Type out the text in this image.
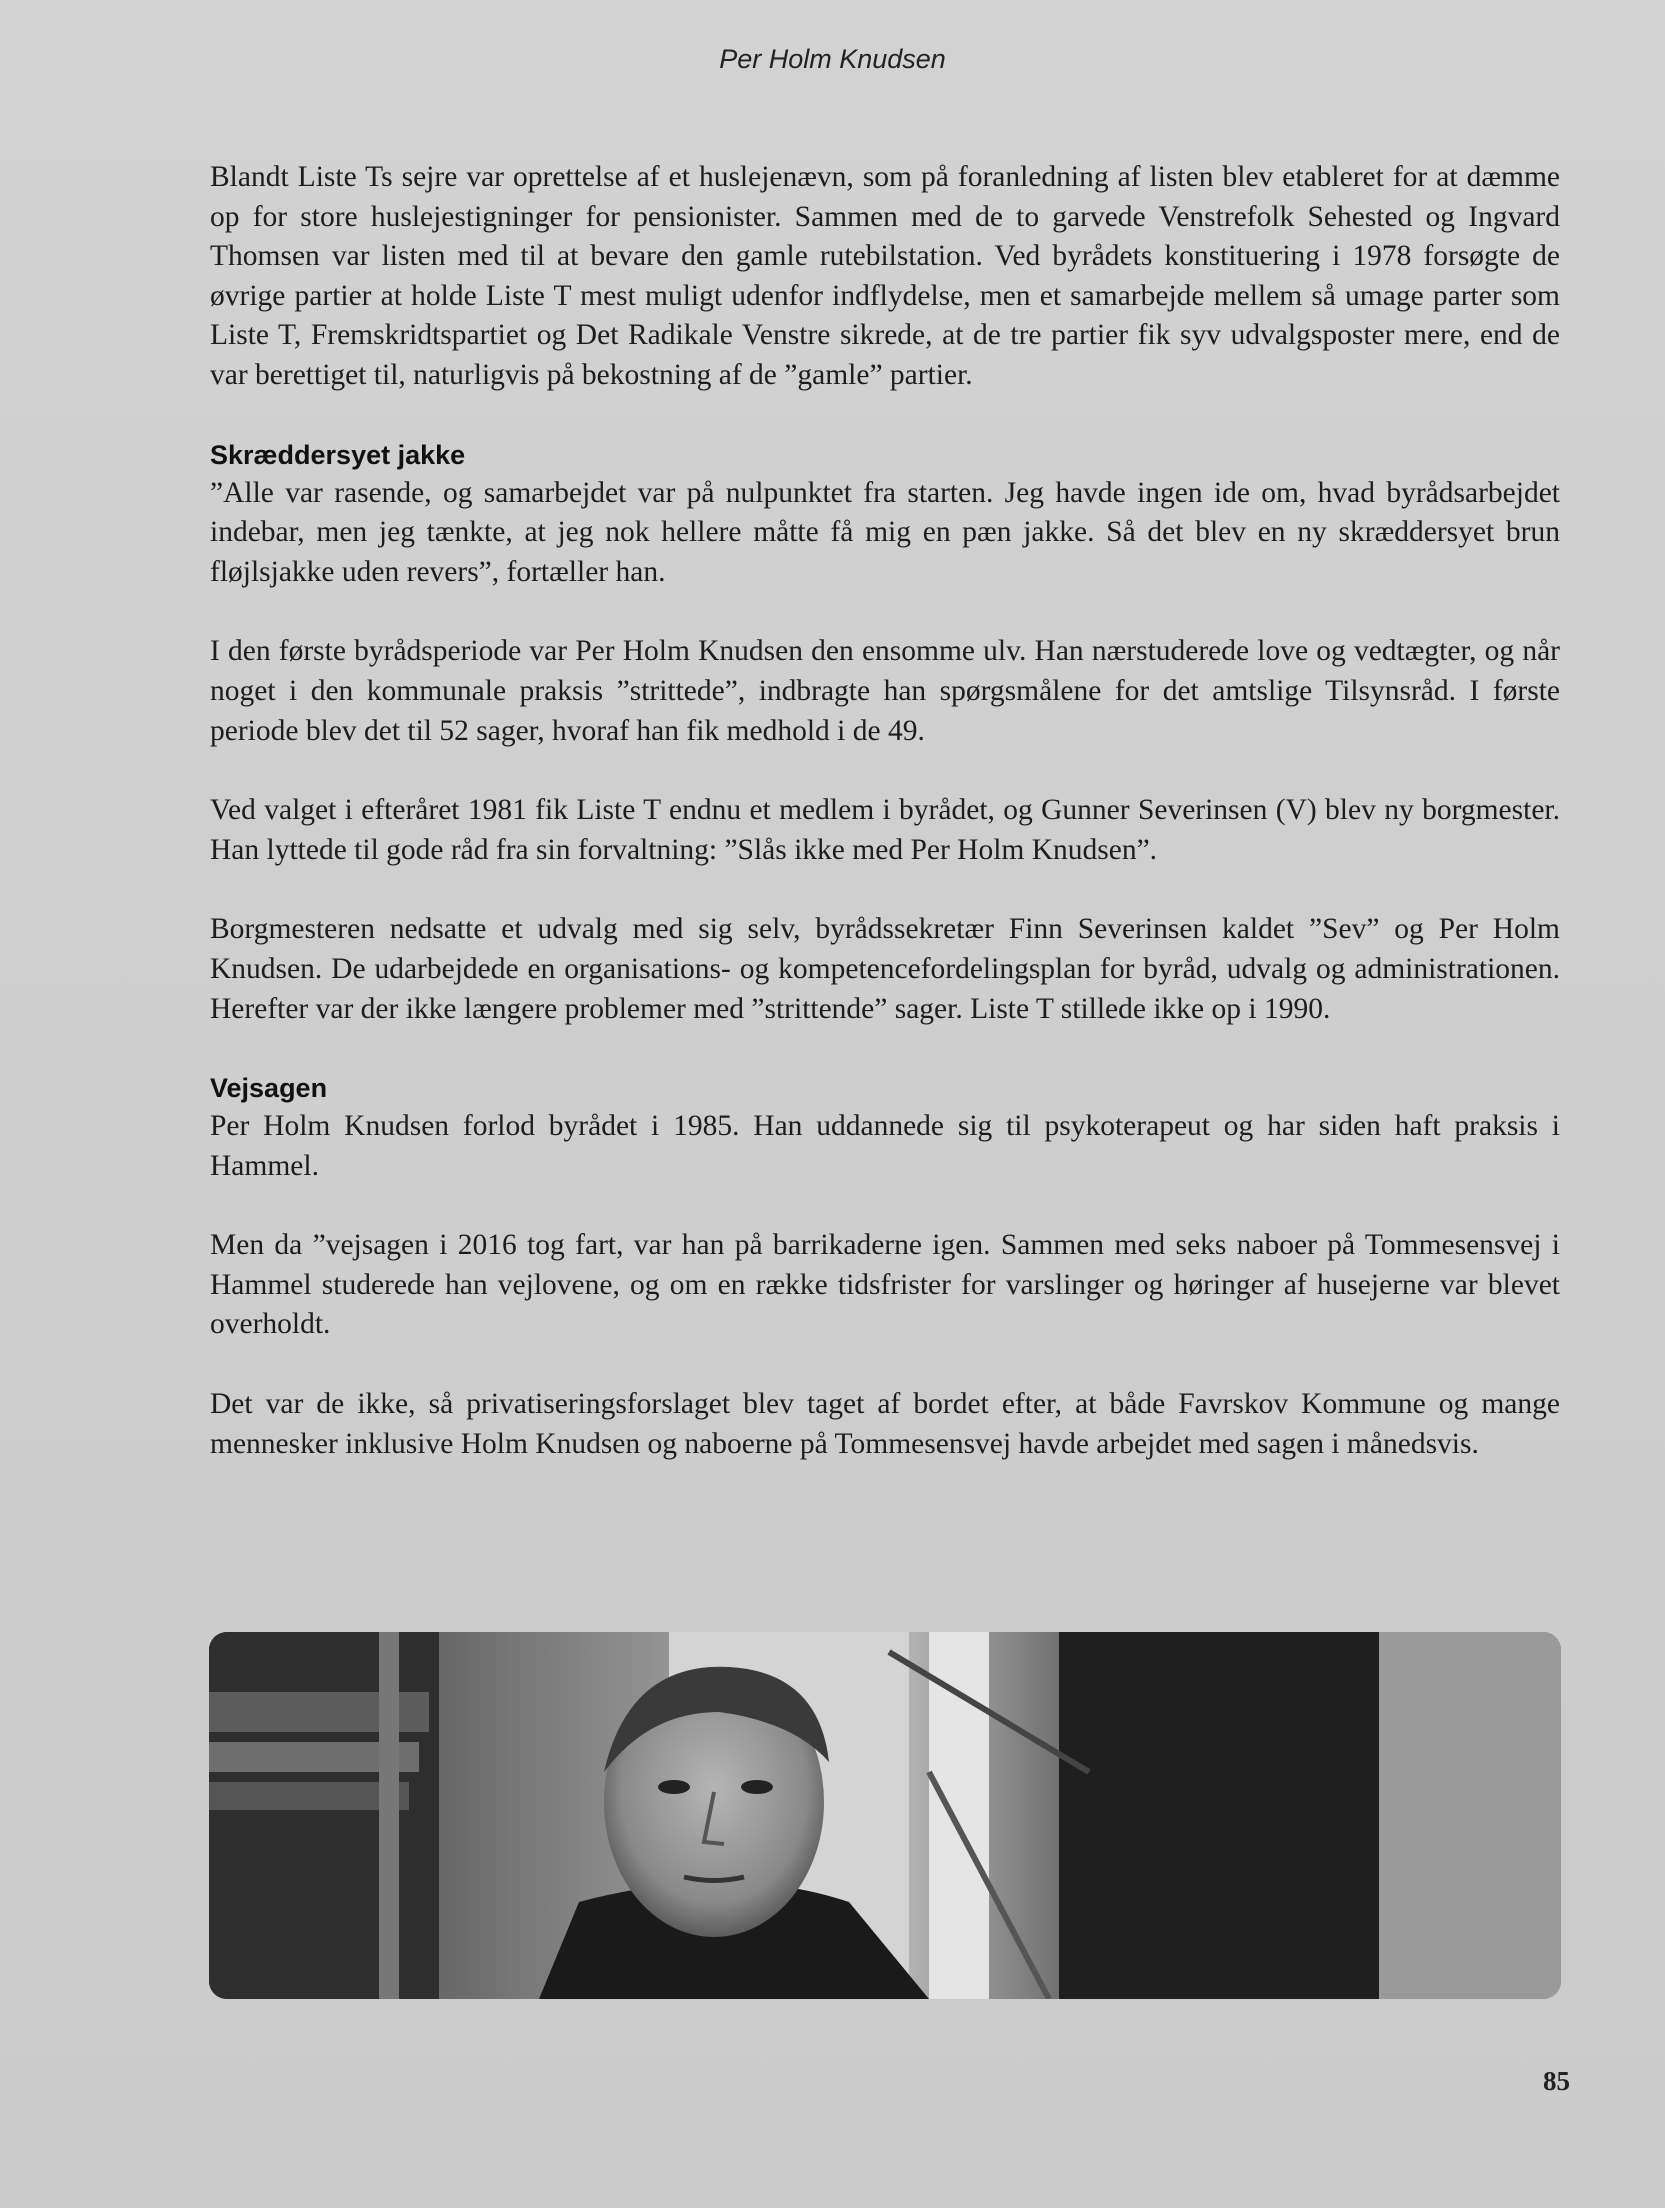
Per Holm Knudsen

Blandt Liste Ts sejre var oprettelse af et huslejenævn, som på foranledning af listen blev etableret for at dæmme op for store huslejestigninger for pensionister. Sammen med de to garvede Venstrefolk Sehested og Ingvard Thomsen var listen med til at bevare den gamle rutebilstation. Ved byrådets konstituering i 1978 forsøgte de øvrige partier at holde Liste T mest muligt udenfor indflydelse, men et samarbejde mellem så umage parter som Liste T, Fremskridtspartiet og Det Radikale Venstre sikrede, at de tre partier fik syv udvalgsposter mere, end de var berettiget til, naturligvis på bekostning af de ”gamle” partier.

Skræddersyet jakke

”Alle var rasende, og samarbejdet var på nulpunktet fra starten. Jeg havde ingen ide om, hvad byrådsarbejdet indebar, men jeg tænkte, at jeg nok hellere måtte få mig en pæn jakke. Så det blev en ny skræddersyet brun fløjlsjakke uden revers”, fortæller han.

I den første byrådsperiode var Per Holm Knudsen den ensomme ulv. Han nærstuderede love og vedtægter, og når noget i den kommunale praksis ”strittede”, indbragte han spørgsmålene for det amtslige Tilsynsråd. I første periode blev det til 52 sager, hvoraf han fik medhold i de 49.

Ved valget i efteråret 1981 fik Liste T endnu et medlem i byrådet, og Gunner Severinsen (V) blev ny borgmester. Han lyttede til gode råd fra sin forvaltning: ”Slås ikke med Per Holm Knudsen”.

Borgmesteren nedsatte et udvalg med sig selv, byrådssekretær Finn Severinsen kaldet ”Sev” og Per Holm Knudsen. De udarbejdede en organisations- og kompetencefordelingsplan for byråd, udvalg og administrationen. Herefter var der ikke længere problemer med ”strittende” sager. Liste T stillede ikke op i 1990.

Vejsagen

Per Holm Knudsen forlod byrådet i 1985. Han uddannede sig til psykoterapeut og har siden haft praksis i Hammel.

Men da ”vejsagen i 2016 tog fart, var han på barrikaderne igen. Sammen med seks naboer på Tommesensvej i Hammel studerede han vejlovene, og om en række tidsfrister for varslinger og høringer af husejerne var blevet overholdt.

Det var de ikke, så privatiseringsforslaget blev taget af bordet efter, at både Favrskov Kommune og mange mennesker inklusive Holm Knudsen og naboerne på Tommesensvej havde arbejdet med sagen i månedsvis.

85
